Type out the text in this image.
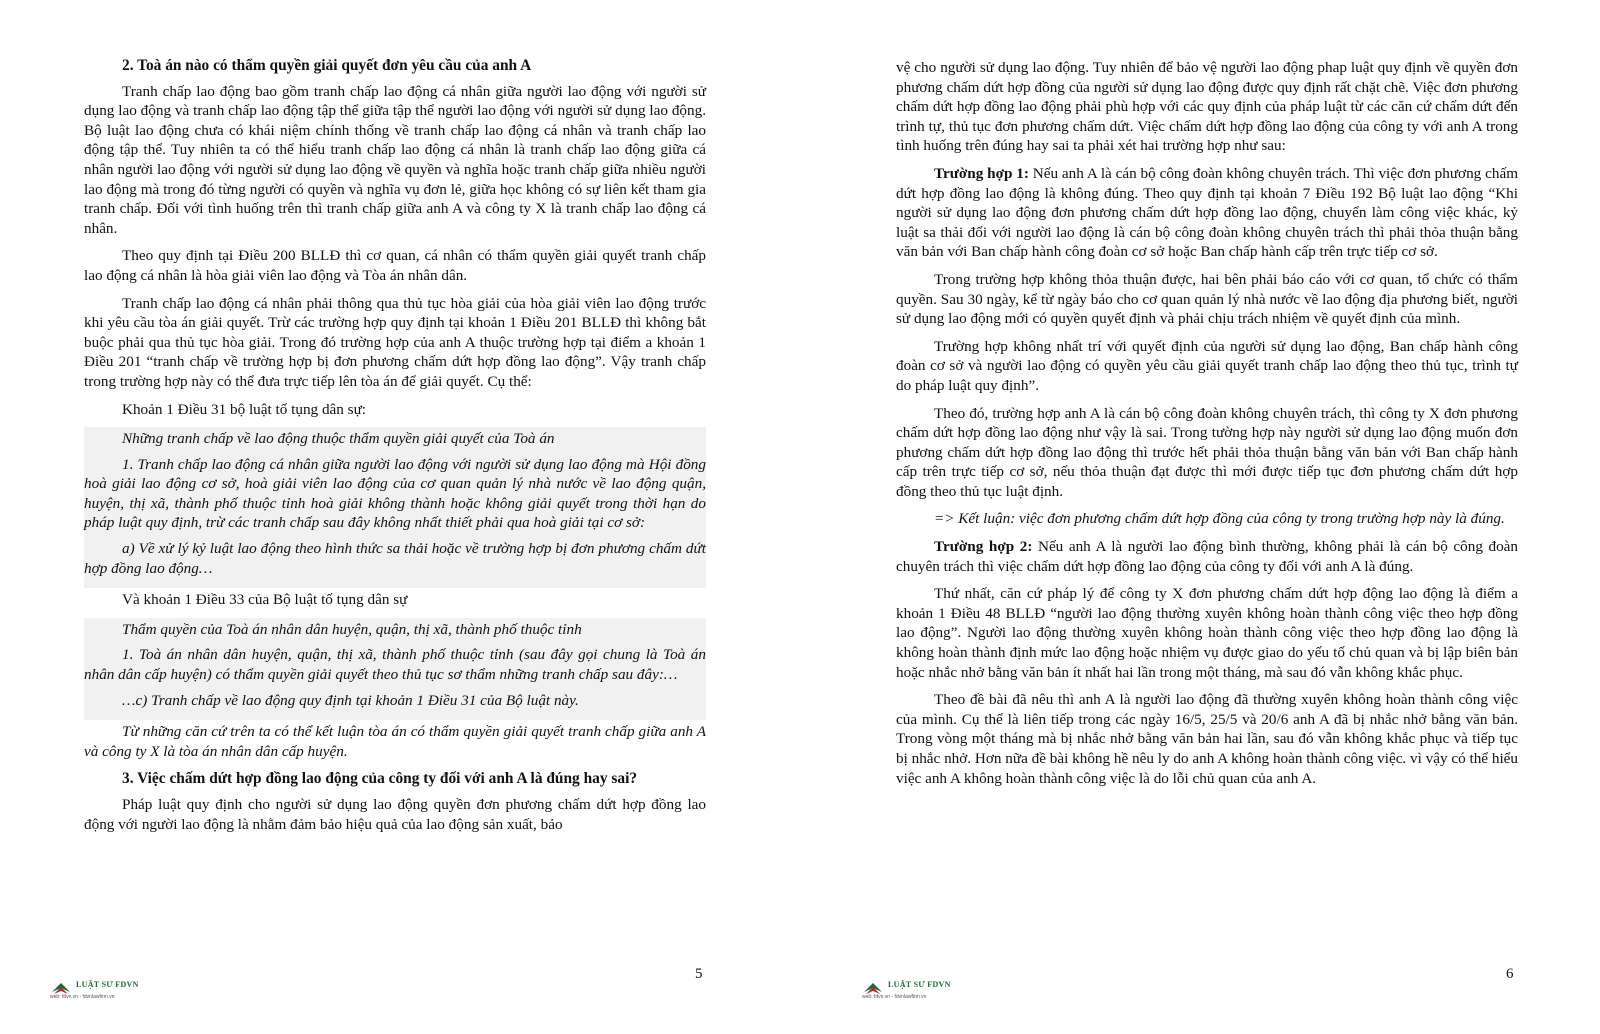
2. Toà án nào có thẩm quyền giải quyết đơn yêu cầu của anh A

Tranh chấp lao động bao gồm tranh chấp lao động cá nhân giữa người lao động với người sử dụng lao động và tranh chấp lao động tập thể giữa tập thể người lao động với người sử dụng lao động. Bộ luật lao động chưa có khái niệm chính thống về tranh chấp lao động cá nhân và tranh chấp lao động tập thể. Tuy nhiên ta có thể hiểu tranh chấp lao động cá nhân là tranh chấp lao động giữa cá nhân người lao động với người sử dụng lao động về quyền và nghĩa hoặc tranh chấp giữa nhiều người lao động mà trong đó từng người có quyền và nghĩa vụ đơn lẻ, giữa học không có sự liên kết tham gia tranh chấp. Đối với tình huống trên thì tranh chấp giữa anh A và công ty X là tranh chấp lao động cá nhân.

Theo quy định tại Điều 200 BLLĐ thì cơ quan, cá nhân có thẩm quyền giải quyết tranh chấp lao động cá nhân là hòa giải viên lao động và Tòa án nhân dân.

Tranh chấp lao động cá nhân phải thông qua thủ tục hòa giải của hòa giải viên lao động trước khi yêu cầu tòa án giải quyết. Trừ các trường hợp quy định tại khoản 1 Điều 201 BLLĐ thì không bắt buộc phải qua thủ tục hòa giải. Trong đó trường hợp của anh A thuộc trường hợp tại điểm a khoản 1 Điều 201 “tranh chấp về trường hợp bị đơn phương chấm dứt hợp đồng lao động”. Vậy tranh chấp trong trường hợp này có thể đưa trực tiếp lên tòa án để giải quyết. Cụ thể:

Khoản 1 Điều 31 bộ luật tố tụng dân sự:

Những tranh chấp về lao động thuộc thẩm quyền giải quyết của Toà án

1. Tranh chấp lao động cá nhân giữa người lao động với người sử dụng lao động mà Hội đồng hoà giải lao động cơ sở, hoà giải viên lao động của cơ quan quản lý nhà nước về lao động quận, huyện, thị xã, thành phố thuộc tỉnh hoà giải không thành hoặc không giải quyết trong thời hạn do pháp luật quy định, trừ các tranh chấp sau đây không nhất thiết phải qua hoà giải tại cơ sở:

a) Về xử lý kỷ luật lao động theo hình thức sa thải hoặc về trường hợp bị đơn phương chấm dứt hợp đồng lao động…

Và khoản 1 Điều 33 của Bộ luật tố tụng dân sự

Thẩm quyền của Toà án nhân dân huyện, quận, thị xã, thành phố thuộc tỉnh

1. Toà án nhân dân huyện, quận, thị xã, thành phố thuộc tỉnh (sau đây gọi chung là Toà án nhân dân cấp huyện) có thẩm quyền giải quyết theo thủ tục sơ thẩm những tranh chấp sau đây:…

…c) Tranh chấp về lao động quy định tại khoản 1 Điều 31 của Bộ luật này.

Từ những căn cứ trên ta có thể kết luận tòa án có thẩm quyền giải quyết tranh chấp giữa anh A và công ty X là tòa án nhân dân cấp huyện.

3. Việc chấm dứt hợp đồng lao động của công ty đối với anh A là đúng hay sai?

Pháp luật quy định cho người sử dụng lao động quyền đơn phương chấm dứt hợp đồng lao động với người lao động là nhằm đảm bảo hiệu quả của lao động sản xuất, bảo

5
LUẬT SƯ FDVN
web: fdvn.vn - fdvnlawfirm.vn

vệ cho người sử dụng lao động. Tuy nhiên để bảo vệ người lao động phap luật quy định về quyền đơn phương chấm dứt hợp đồng của người sử dụng lao động được quy định rất chặt chẽ. Việc đơn phương chấm dứt hợp đồng lao động phải phù hợp với các quy định của pháp luật từ các căn cứ chấm dứt đến trình tự, thủ tục đơn phương chấm dứt. Việc chấm dứt hợp đồng lao động của công ty với anh A trong tình huống trên đúng hay sai ta phải xét hai trường hợp như sau:

Trường hợp 1: Nếu anh A là cán bộ công đoàn không chuyên trách. Thì việc đơn phương chấm dứt hợp đồng lao động là không đúng. Theo quy định tại khoản 7 Điều 192 Bộ luật lao động “Khi người sử dụng lao động đơn phương chấm dứt hợp đồng lao động, chuyển làm công việc khác, kỷ luật sa thải đối với người lao động là cán bộ công đoàn không chuyên trách thì phải thỏa thuận bằng văn bản với Ban chấp hành công đoàn cơ sở hoặc Ban chấp hành cấp trên trực tiếp cơ sở.

Trong trường hợp không thỏa thuận được, hai bên phải báo cáo với cơ quan, tổ chức có thẩm quyền. Sau 30 ngày, kể từ ngày báo cho cơ quan quản lý nhà nước về lao động địa phương biết, người sử dụng lao động mới có quyền quyết định và phải chịu trách nhiệm về quyết định của mình.

Trường hợp không nhất trí với quyết định của người sử dụng lao động, Ban chấp hành công đoàn cơ sở và người lao động có quyền yêu cầu giải quyết tranh chấp lao động theo thủ tục, trình tự do pháp luật quy định”.

Theo đó, trường hợp anh A là cán bộ công đoàn không chuyên trách, thì công ty X đơn phương chấm dứt hợp đồng lao động như vậy là sai. Trong tường hợp này người sử dụng lao động muốn đơn phương chấm dứt hợp đồng lao động thì trước hết phải thỏa thuận bằng văn bản với Ban chấp hành cấp trên trực tiếp cơ sở, nếu thỏa thuận đạt được thì mới được tiếp tục đơn phương chấm dứt hợp đồng theo thủ tục luật định.

=> Kết luận: việc đơn phương chấm dứt hợp đồng của công ty trong trường hợp này là đúng.

Trường hợp 2: Nếu anh A là người lao động bình thường, không phải là cán bộ công đoàn chuyên trách thì việc chấm dứt hợp đồng lao động của công ty đối với anh A là đúng.

Thứ nhất, căn cứ pháp lý để công ty X đơn phương chấm dứt hợp động lao động là điểm a khoản 1 Điều 48 BLLĐ “người lao động thường xuyên không hoàn thành công việc theo hợp đồng lao động”. Người lao động thường xuyên không hoàn thành công việc theo hợp đồng lao động là không hoàn thành định mức lao động hoặc nhiệm vụ được giao do yếu tố chủ quan và bị lập biên bản hoặc nhắc nhở bằng văn bản ít nhất hai lần trong một tháng, mà sau đó vẫn không khắc phục.

Theo đề bài đã nêu thì anh A là người lao động đã thường xuyên không hoàn thành công việc của mình. Cụ thể là liên tiếp trong các ngày 16/5, 25/5 và 20/6 anh A đã bị nhắc nhở bằng văn bản. Trong vòng một tháng mà bị nhắc nhở bằng văn bản hai lần, sau đó vẫn không khắc phục và tiếp tục bị nhắc nhở. Hơn nữa đề bài không hề nêu ly do anh A không hoàn thành công việc. vì vậy có thể hiểu việc anh A không hoàn thành công việc là do lỗi chủ quan của anh A.

6
LUẬT SƯ FDVN
web: fdvn.vn - fdvnlawfirm.vn
